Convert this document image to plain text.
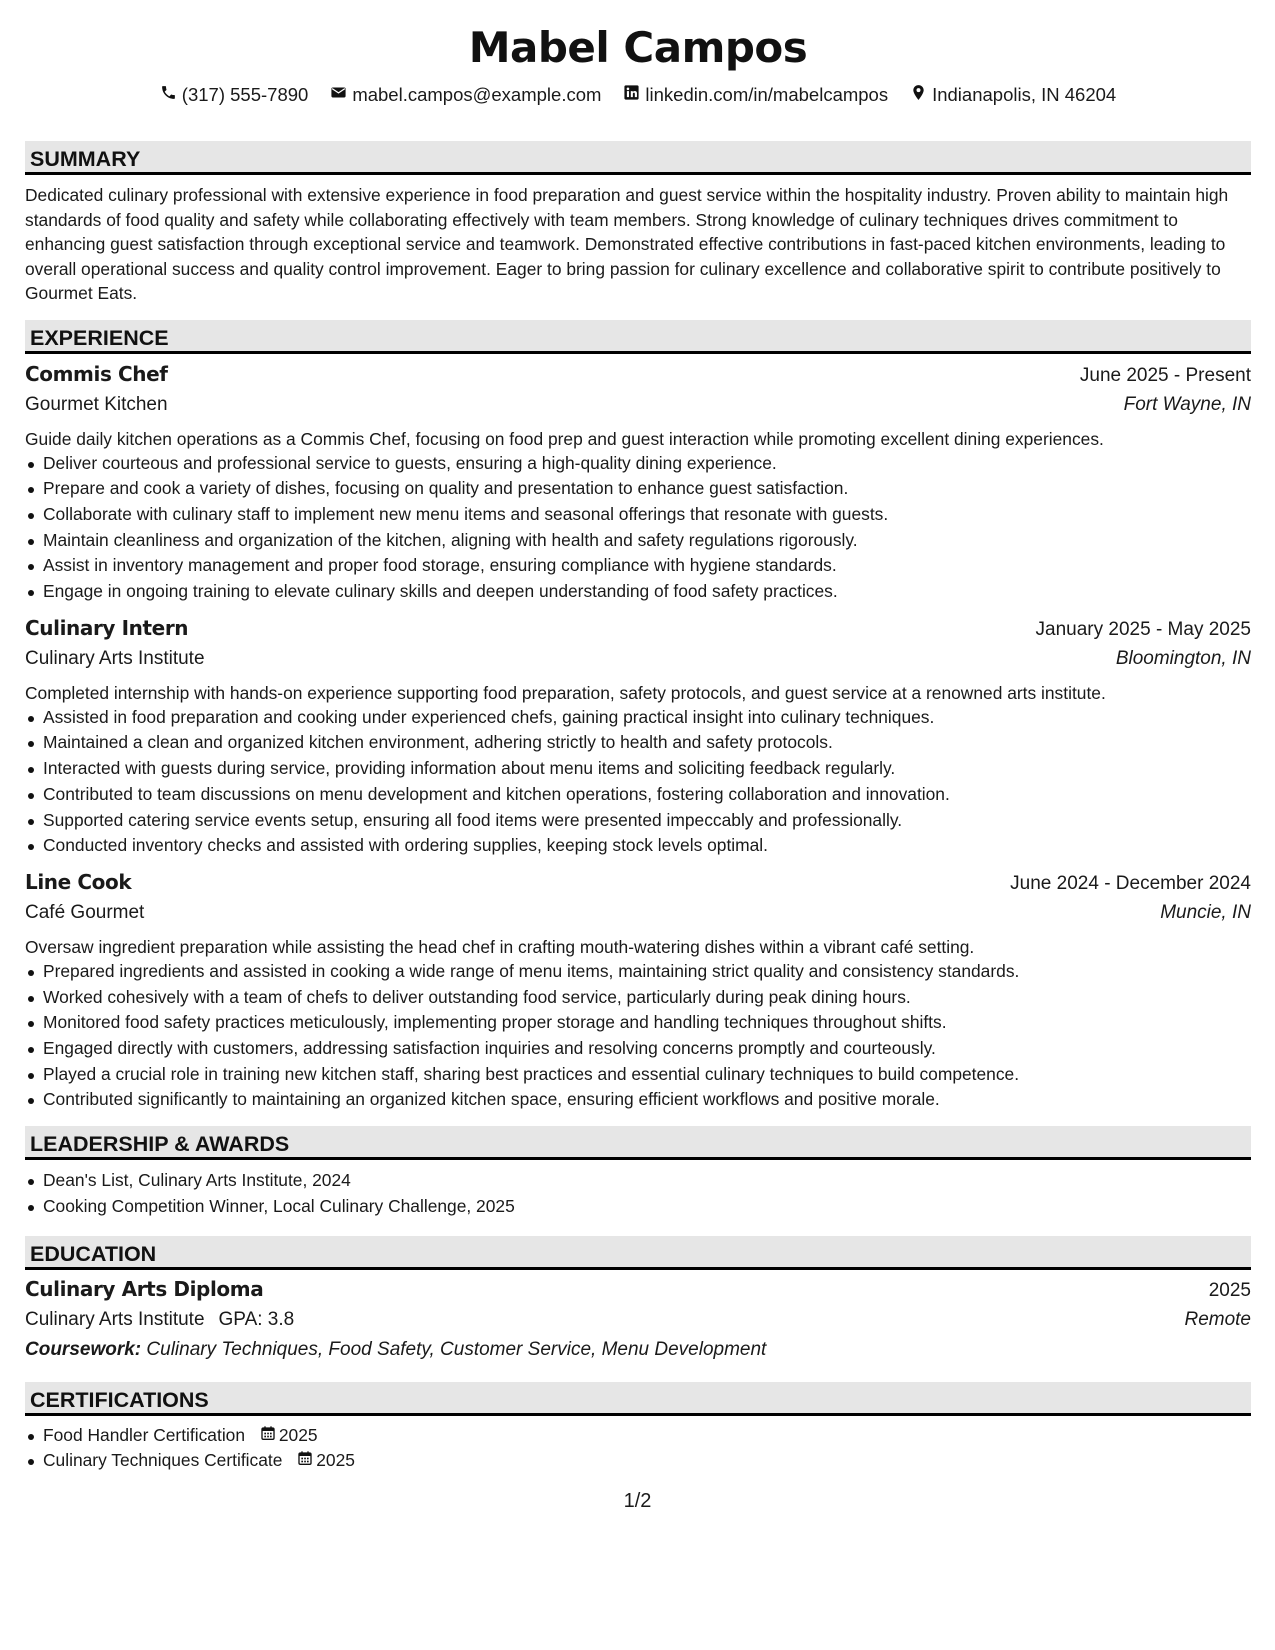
Mabel Campos
(317) 555-7890 mabel.campos@example.com linkedin.com/in/mabelcampos Indianapolis, IN 46204
SUMMARY

Dedicated culinary professional with extensive experience in food preparation and guest service within the hospitality industry. Proven ability to maintain high standards of food quality and safety while collaborating effectively with team members. Strong knowledge of culinary techniques drives commitment to enhancing guest satisfaction through exceptional service and teamwork. Demonstrated effective contributions in fast-paced kitchen environments, leading to overall operational success and quality control improvement. Eager to bring passion for culinary excellence and collaborative spirit to contribute positively to Gourmet Eats.

EXPERIENCE
Commis Chef	June 2025 - Present
Gourmet Kitchen	Fort Wayne, IN
Guide daily kitchen operations as a Commis Chef, focusing on food prep and guest interaction while promoting excellent dining experiences.
Deliver courteous and professional service to guests, ensuring a high-quality dining experience.
Prepare and cook a variety of dishes, focusing on quality and presentation to enhance guest satisfaction.
Collaborate with culinary staff to implement new menu items and seasonal offerings that resonate with guests.
Maintain cleanliness and organization of the kitchen, aligning with health and safety regulations rigorously.
Assist in inventory management and proper food storage, ensuring compliance with hygiene standards.
Engage in ongoing training to elevate culinary skills and deepen understanding of food safety practices.
Culinary Intern	January 2025 - May 2025
Culinary Arts Institute	Bloomington, IN
Completed internship with hands-on experience supporting food preparation, safety protocols, and guest service at a renowned arts institute.
Assisted in food preparation and cooking under experienced chefs, gaining practical insight into culinary techniques.
Maintained a clean and organized kitchen environment, adhering strictly to health and safety protocols.
Interacted with guests during service, providing information about menu items and soliciting feedback regularly.
Contributed to team discussions on menu development and kitchen operations, fostering collaboration and innovation.
Supported catering service events setup, ensuring all food items were presented impeccably and professionally.
Conducted inventory checks and assisted with ordering supplies, keeping stock levels optimal.
Line Cook	June 2024 - December 2024
Café Gourmet	Muncie, IN
Oversaw ingredient preparation while assisting the head chef in crafting mouth-watering dishes within a vibrant café setting.
Prepared ingredients and assisted in cooking a wide range of menu items, maintaining strict quality and consistency standards.
Worked cohesively with a team of chefs to deliver outstanding food service, particularly during peak dining hours.
Monitored food safety practices meticulously, implementing proper storage and handling techniques throughout shifts.
Engaged directly with customers, addressing satisfaction inquiries and resolving concerns promptly and courteously.
Played a crucial role in training new kitchen staff, sharing best practices and essential culinary techniques to build competence.
Contributed significantly to maintaining an organized kitchen space, ensuring efficient workflows and positive morale.
LEADERSHIP & AWARDS
Dean's List, Culinary Arts Institute, 2024
Cooking Competition Winner, Local Culinary Challenge, 2025
EDUCATION
Culinary Arts Diploma	2025
Culinary Arts Institute GPA: 3.8	Remote
Coursework: Culinary Techniques, Food Safety, Customer Service, Menu Development
CERTIFICATIONS
Food Handler Certification 2025
Culinary Techniques Certificate 2025
1/2
